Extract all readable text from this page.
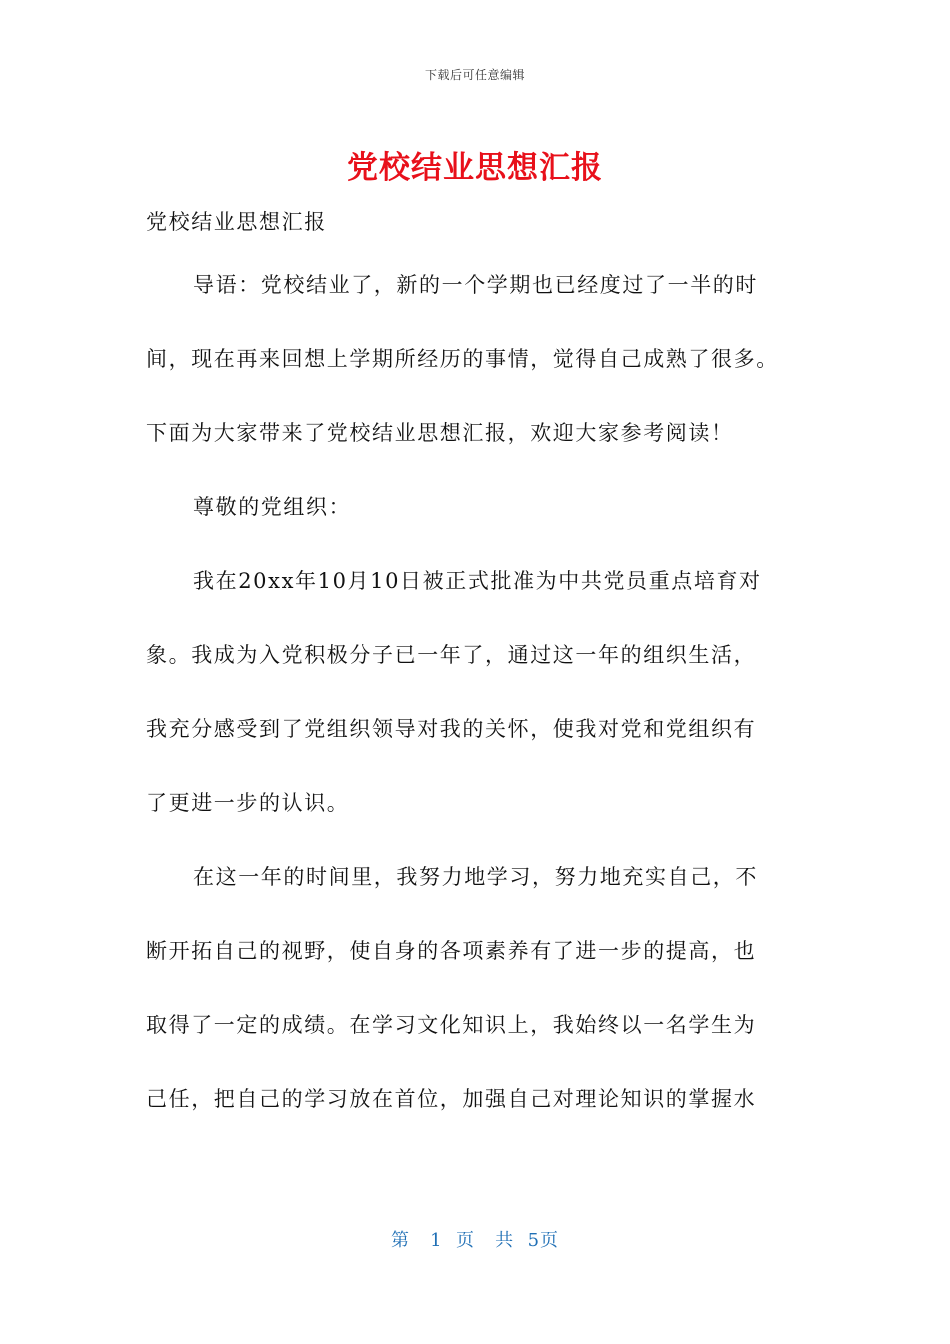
下载后可任意编辑
党校结业思想汇报
党校结业思想汇报
导语：党校结业了，新的一个学期也已经度过了一半的时
间，现在再来回想上学期所经历的事情，觉得自己成熟了很多。
下面为大家带来了党校结业思想汇报，欢迎大家参考阅读！
尊敬的党组织：
我在20xx年10月10日被正式批准为中共党员重点培育对
象。我成为入党积极分子已一年了，通过这一年的组织生活，
我充分感受到了党组织领导对我的关怀，使我对党和党组织有
了更进一步的认识。
在这一年的时间里，我努力地学习，努力地充实自己，不
断开拓自己的视野，使自身的各项素养有了进一步的提高，也
取得了一定的成绩。在学习文化知识上，我始终以一名学生为
己任，把自己的学习放在首位，加强自己对理论知识的掌握水
第   1  页   共  5页
